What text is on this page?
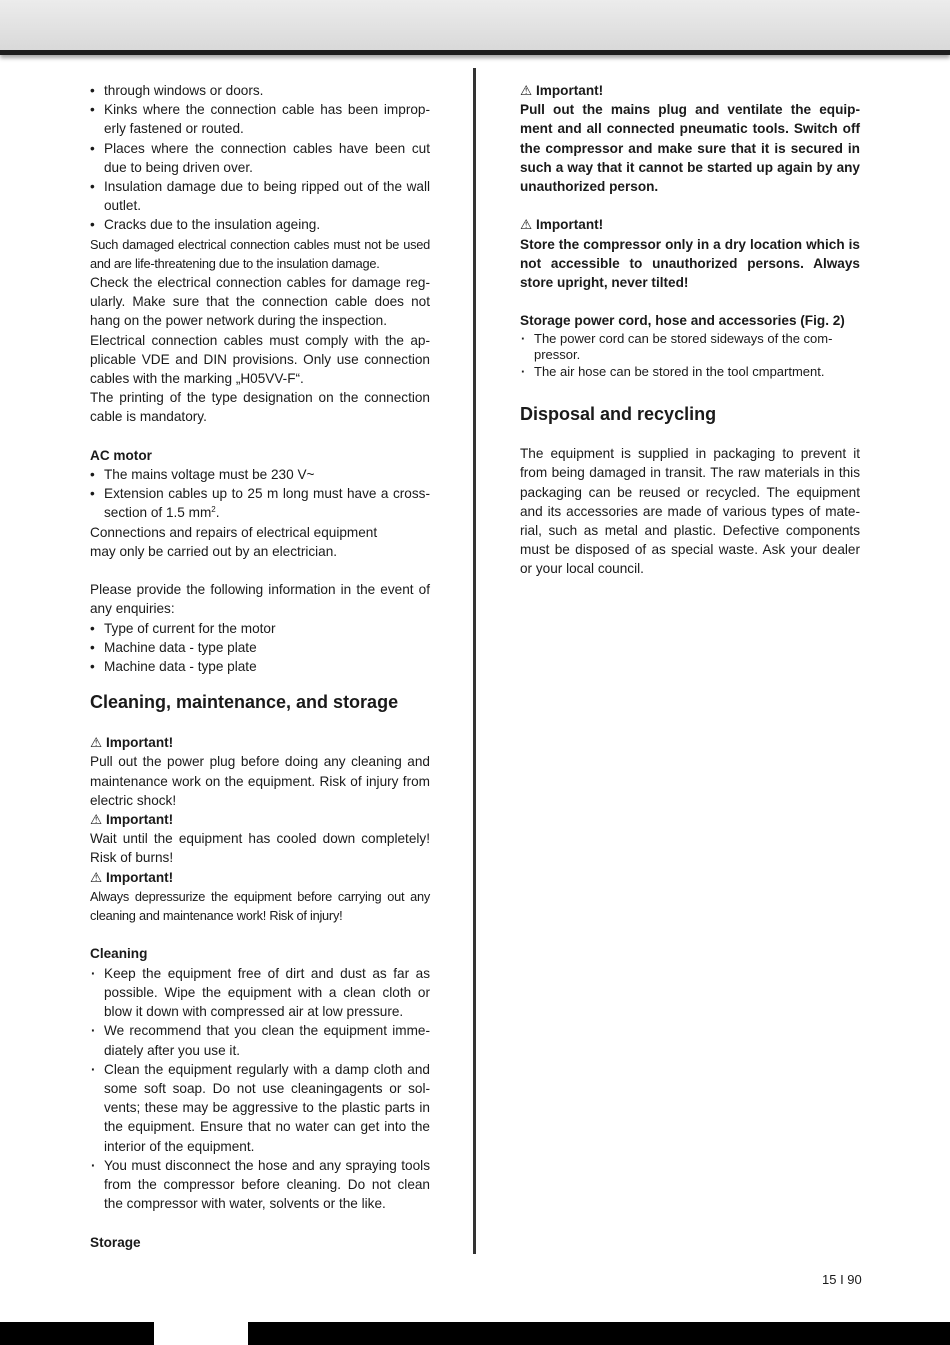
• through windows or doors.
• Kinks where the connection cable has been improp- erly fastened or routed.
• Places where the connection cables have been cut due to being driven over.
• Insulation damage due to being ripped out of the wall outlet.
• Cracks due to the insulation ageing.

Such damaged electrical connection cables must not be used and are life-threatening due to the insulation damage.

Check the electrical connection cables for damage reg- ularly. Make sure that the connection cable does not hang on the power network during the inspection.

Electrical connection cables must comply with the ap- plicable VDE and DIN provisions. Only use connection cables with the marking „H05VV-F“.

The printing of the type designation on the connection cable is mandatory.

AC motor
• The mains voltage must be 230 V~
• Extension cables up to 25 m long must have a cross- section of 1.5 $mm^2$.

Connections and repairs of electrical equipment
may only be carried out by an electrician.

Please provide the following information in the event of any enquiries:

• Type of current for the motor
• Machine data - type plate
• Machine data - type plate
Cleaning, maintenance, and storage
⚠ Important!

Pull out the power plug before doing any cleaning and maintenance work on the equipment. Risk of injury from electric shock!

⚠ Important!

Wait until the equipment has cooled down completely! Risk of burns!

⚠ Important!

Always depressurize the equipment before carrying out any cleaning and maintenance work! Risk of injury!

Cleaning
· Keep the equipment free of dirt and dust as far as possible. Wipe the equipment with a clean cloth or blow it down with compressed air at low pressure.
· We recommend that you clean the equipment imme- diately after you use it.
· Clean the equipment regularly with a damp cloth and some soft soap. Do not use cleaningagents or sol- vents; these may be aggressive to the plastic parts in the equipment. Ensure that no water can get into the interior of the equipment.
· You must disconnect the hose and any spraying tools from the compressor before cleaning. Do not clean the compressor with water, solvents or the like.
Storage
⚠ Important!

Pull out the mains plug and ventilate the equip- ment and all connected pneumatic tools. Switch off the compressor and make sure that it is secured in such a way that it cannot be started up again by any unauthorized person.

⚠ Important!

Store the compressor only in a dry location which is not accessible to unauthorized persons. Always store upright, never tilted!

Storage power cord, hose and accessories (Fig. 2)
· The power cord can be stored sideways of the com- pressor.
· The air hose can be stored in the tool cmpartment.
Disposal and recycling

The equipment is supplied in packaging to prevent it from being damaged in transit. The raw materials in this packaging can be reused or recycled. The equipment and its accessories are made of various types of mate- rial, such as metal and plastic. Defective components must be disposed of as special waste. Ask your dealer or your local council.

15 I 90
